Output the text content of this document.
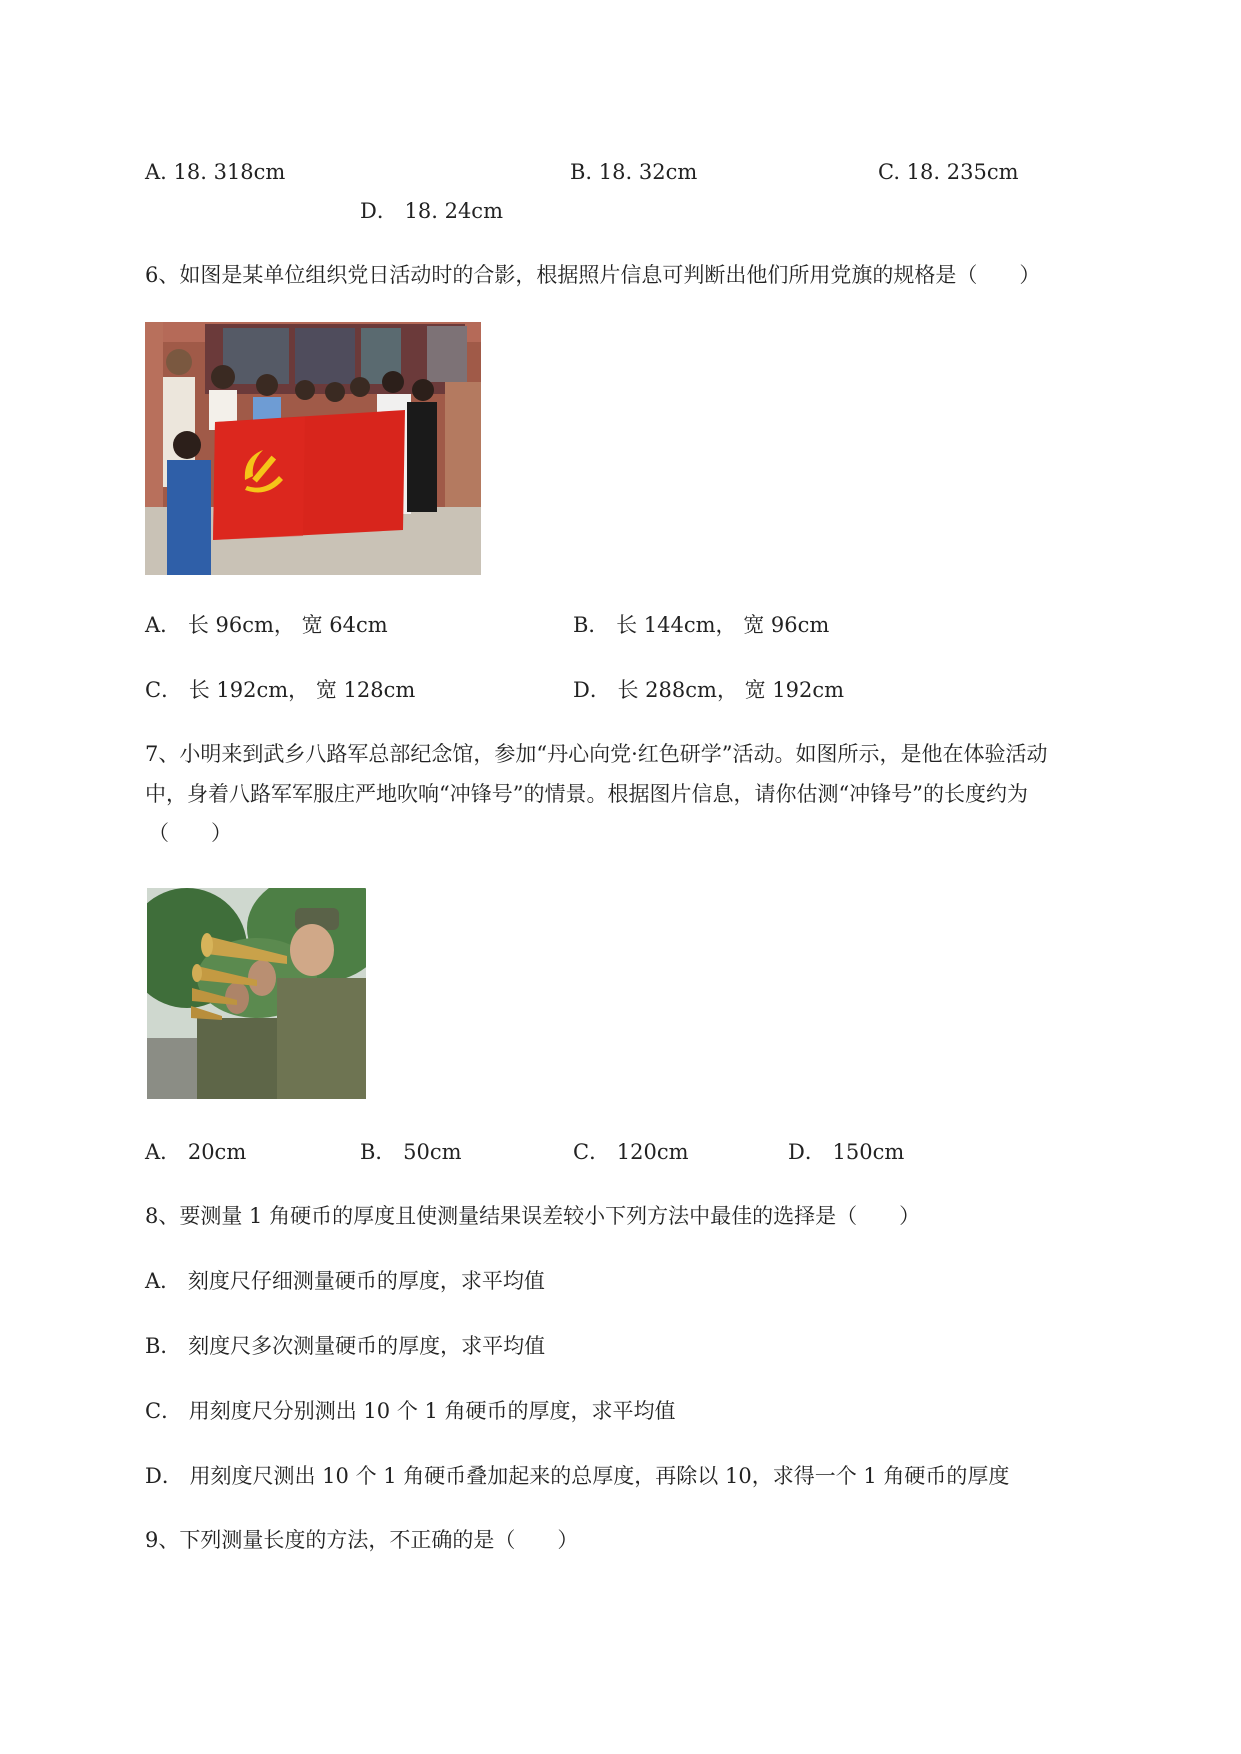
A. 18. 318cm	B. 18. 32cm	C. 18. 235cm
D． 18. 24cm
6、如图是某单位组织党日活动时的合影，根据照片信息可判断出他们所用党旗的规格是（　　）
A． 长 96cm， 宽 64cm	B． 长 144cm， 宽 96cm
C． 长 192cm， 宽 128cm	D． 长 288cm， 宽 192cm
7、小明来到武乡八路军总部纪念馆，参加“丹心向党·红色研学”活动。如图所示，是他在体验活动
中，身着八路军军服庄严地吹响“冲锋号”的情景。根据图片信息，请你估测“冲锋号”的长度约为
（　　）
A． 20cm	B． 50cm	C． 120cm	D． 150cm
8、要测量 1 角硬币的厚度且使测量结果误差较小下列方法中最佳的选择是（　　）
A． 刻度尺仔细测量硬币的厚度，求平均值
B． 刻度尺多次测量硬币的厚度，求平均值
C． 用刻度尺分别测出 10 个 1 角硬币的厚度，求平均值
D． 用刻度尺测出 10 个 1 角硬币叠加起来的总厚度，再除以 10，求得一个 1 角硬币的厚度
9、下列测量长度的方法，不正确的是（　　）
